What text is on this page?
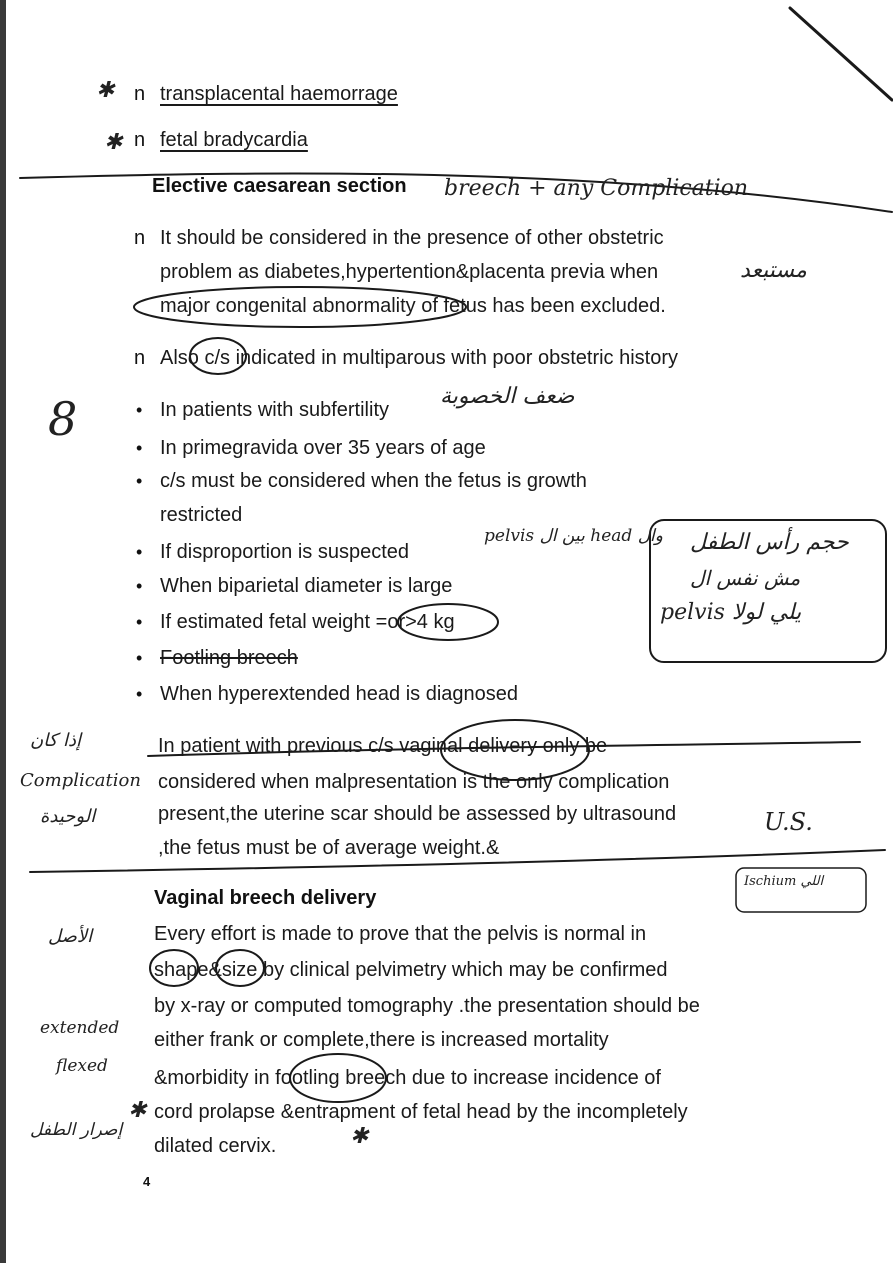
✱ n transplacental haemorrage
✱ n fetal bradycardia
Elective caesarean section breech + any Complication
n It should be considered in the presence of other obstetric
problem as diabetes,hypertention&placenta previa when
major congenital abnormality of fetus has been excluded.
مستبعد
n Also c/s indicated in multiparous with poor obstetric history
8	• In patients with subfertility
ضعف الخصوبة
• In primegravida over 35 years of age
• c/s must be considered when the fetus is growth
restricted
• If disproportion is suspected
pelvis بين ال head وال
• When biparietal diameter is large
• If estimated fetal weight =or>4 kg
• Footling breech
• When hyperextended head is diagnosed
حجم رأس الطفل
مش نفس ال
pelvis يلي لولا
In patient with previous c/s vaginal delivery only be
considered when malpresentation is the only complication
present,the uterine scar should be assessed by ultrasound
,the fetus must be of average weight.&
إذا كان
Complication
الوحيدة	U.S.
Vaginal breech delivery
Ischium اللي
Every effort is made to prove that the pelvis is normal in
shape&size by clinical pelvimetry which may be confirmed
by x-ray or computed tomography .the presentation should be
either frank or complete,there is increased mortality
&morbidity in footling breech due to increase incidence of
cord prolapse &entrapment of fetal head by the incompletely
dilated cervix.
الأصل
extended
flexed
إصرار الطفل
✱
✱
4
